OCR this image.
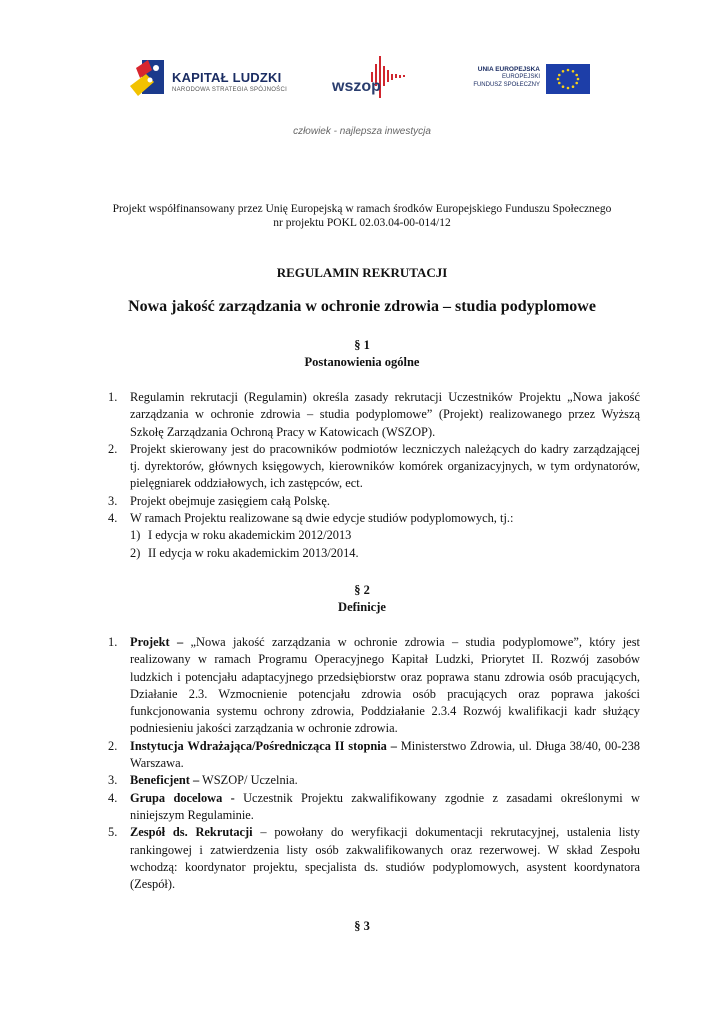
KAPITAŁ LUDZKI
NARODOWA STRATEGIA SPÓJNOŚCI	wszop
UNIA EUROPEJSKA
EUROPEJSKI
FUNDUSZ SPOŁECZNY
człowiek - najlepsza inwestycja
Projekt współfinansowany przez Unię Europejską w ramach środków Europejskiego Funduszu Społecznego
nr projektu POKL 02.03.04-00-014/12
REGULAMIN REKRUTACJI
Nowa jakość zarządzania w ochronie zdrowia – studia podyplomowe
§ 1
Postanowienia ogólne
1. Regulamin rekrutacji (Regulamin) określa zasady rekrutacji Uczestników Projektu „Nowa jakość zarządzania w ochronie zdrowia – studia podyplomowe” (Projekt) realizowanego przez Wyższą Szkołę Zarządzania Ochroną Pracy w Katowicach (WSZOP).
2. Projekt skierowany jest do pracowników podmiotów leczniczych należących do kadry zarządzającej tj. dyrektorów, głównych księgowych, kierowników komórek organizacyjnych, w tym ordynatorów, pielęgniarek oddziałowych, ich zastępców, ect.
3. Projekt obejmuje zasięgiem całą Polskę.
4. W ramach Projektu realizowane są dwie edycje studiów podyplomowych, tj.:
1) I edycja w roku akademickim 2012/2013
2) II edycja w roku akademickim 2013/2014.
§ 2
Definicje
1. Projekt – „Nowa jakość zarządzania w ochronie zdrowia – studia podyplomowe”, który jest realizowany w ramach Programu Operacyjnego Kapitał Ludzki, Priorytet II. Rozwój zasobów ludzkich i potencjału adaptacyjnego przedsiębiorstw oraz poprawa stanu zdrowia osób pracujących, Działanie 2.3. Wzmocnienie potencjału zdrowia osób pracujących oraz poprawa jakości funkcjonowania systemu ochrony zdrowia, Poddziałanie 2.3.4 Rozwój kwalifikacji kadr służący podniesieniu jakości zarządzania w ochronie zdrowia.
2. Instytucja Wdrażająca/Pośrednicząca II stopnia – Ministerstwo Zdrowia, ul. Długa 38/40, 00-238 Warszawa.
3. Beneficjent – WSZOP/ Uczelnia.
4. Grupa docelowa - Uczestnik Projektu zakwalifikowany zgodnie z zasadami określonymi w niniejszym Regulaminie.
5. Zespół ds. Rekrutacji – powołany do weryfikacji dokumentacji rekrutacyjnej, ustalenia listy rankingowej i zatwierdzenia listy osób zakwalifikowanych oraz rezerwowej. W skład Zespołu wchodzą: koordynator projektu, specjalista ds. studiów podyplomowych, asystent koordynatora (Zespół).
§ 3
